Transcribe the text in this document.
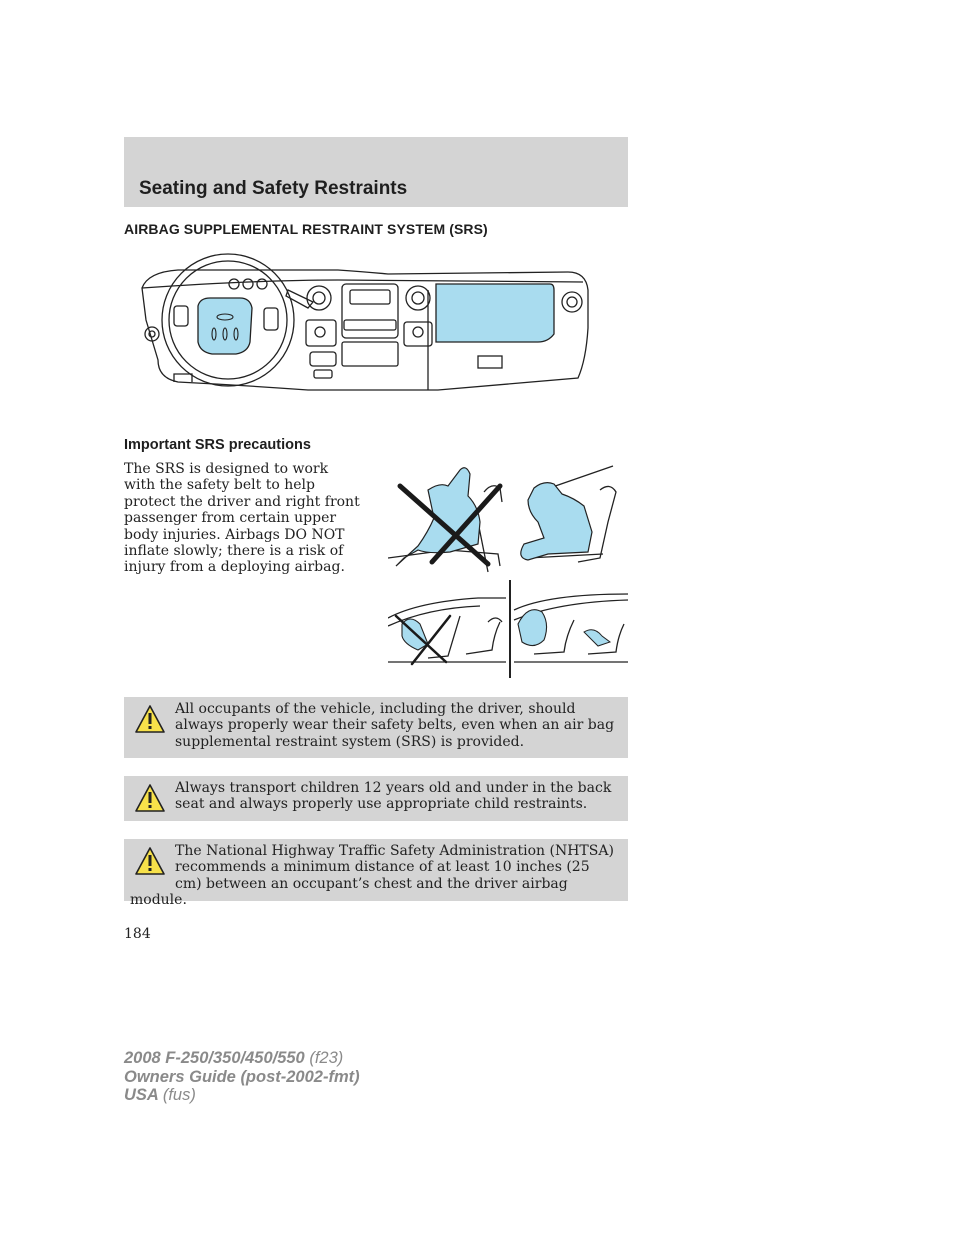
Seating and Safety Restraints
AIRBAG SUPPLEMENTAL RESTRAINT SYSTEM (SRS)
Important SRS precautions
The SRS is designed to work with the safety belt to help protect the driver and right front passenger from certain upper body injuries. Airbags DO NOT inflate slowly; there is a risk of injury from a deploying airbag.
All occupants of the vehicle, including the driver, should always properly wear their safety belts, even when an air bag supplemental restraint system (SRS) is provided.
Always transport children 12 years old and under in the back seat and always properly use appropriate child restraints.
The National Highway Traffic Safety Administration (NHTSA) recommends a minimum distance of at least 10 inches (25 cm) between an occupant’s chest and the driver airbag module.
184
2008 F-250/350/450/550 (f23)
Owners Guide (post-2002-fmt)
USA (fus)
